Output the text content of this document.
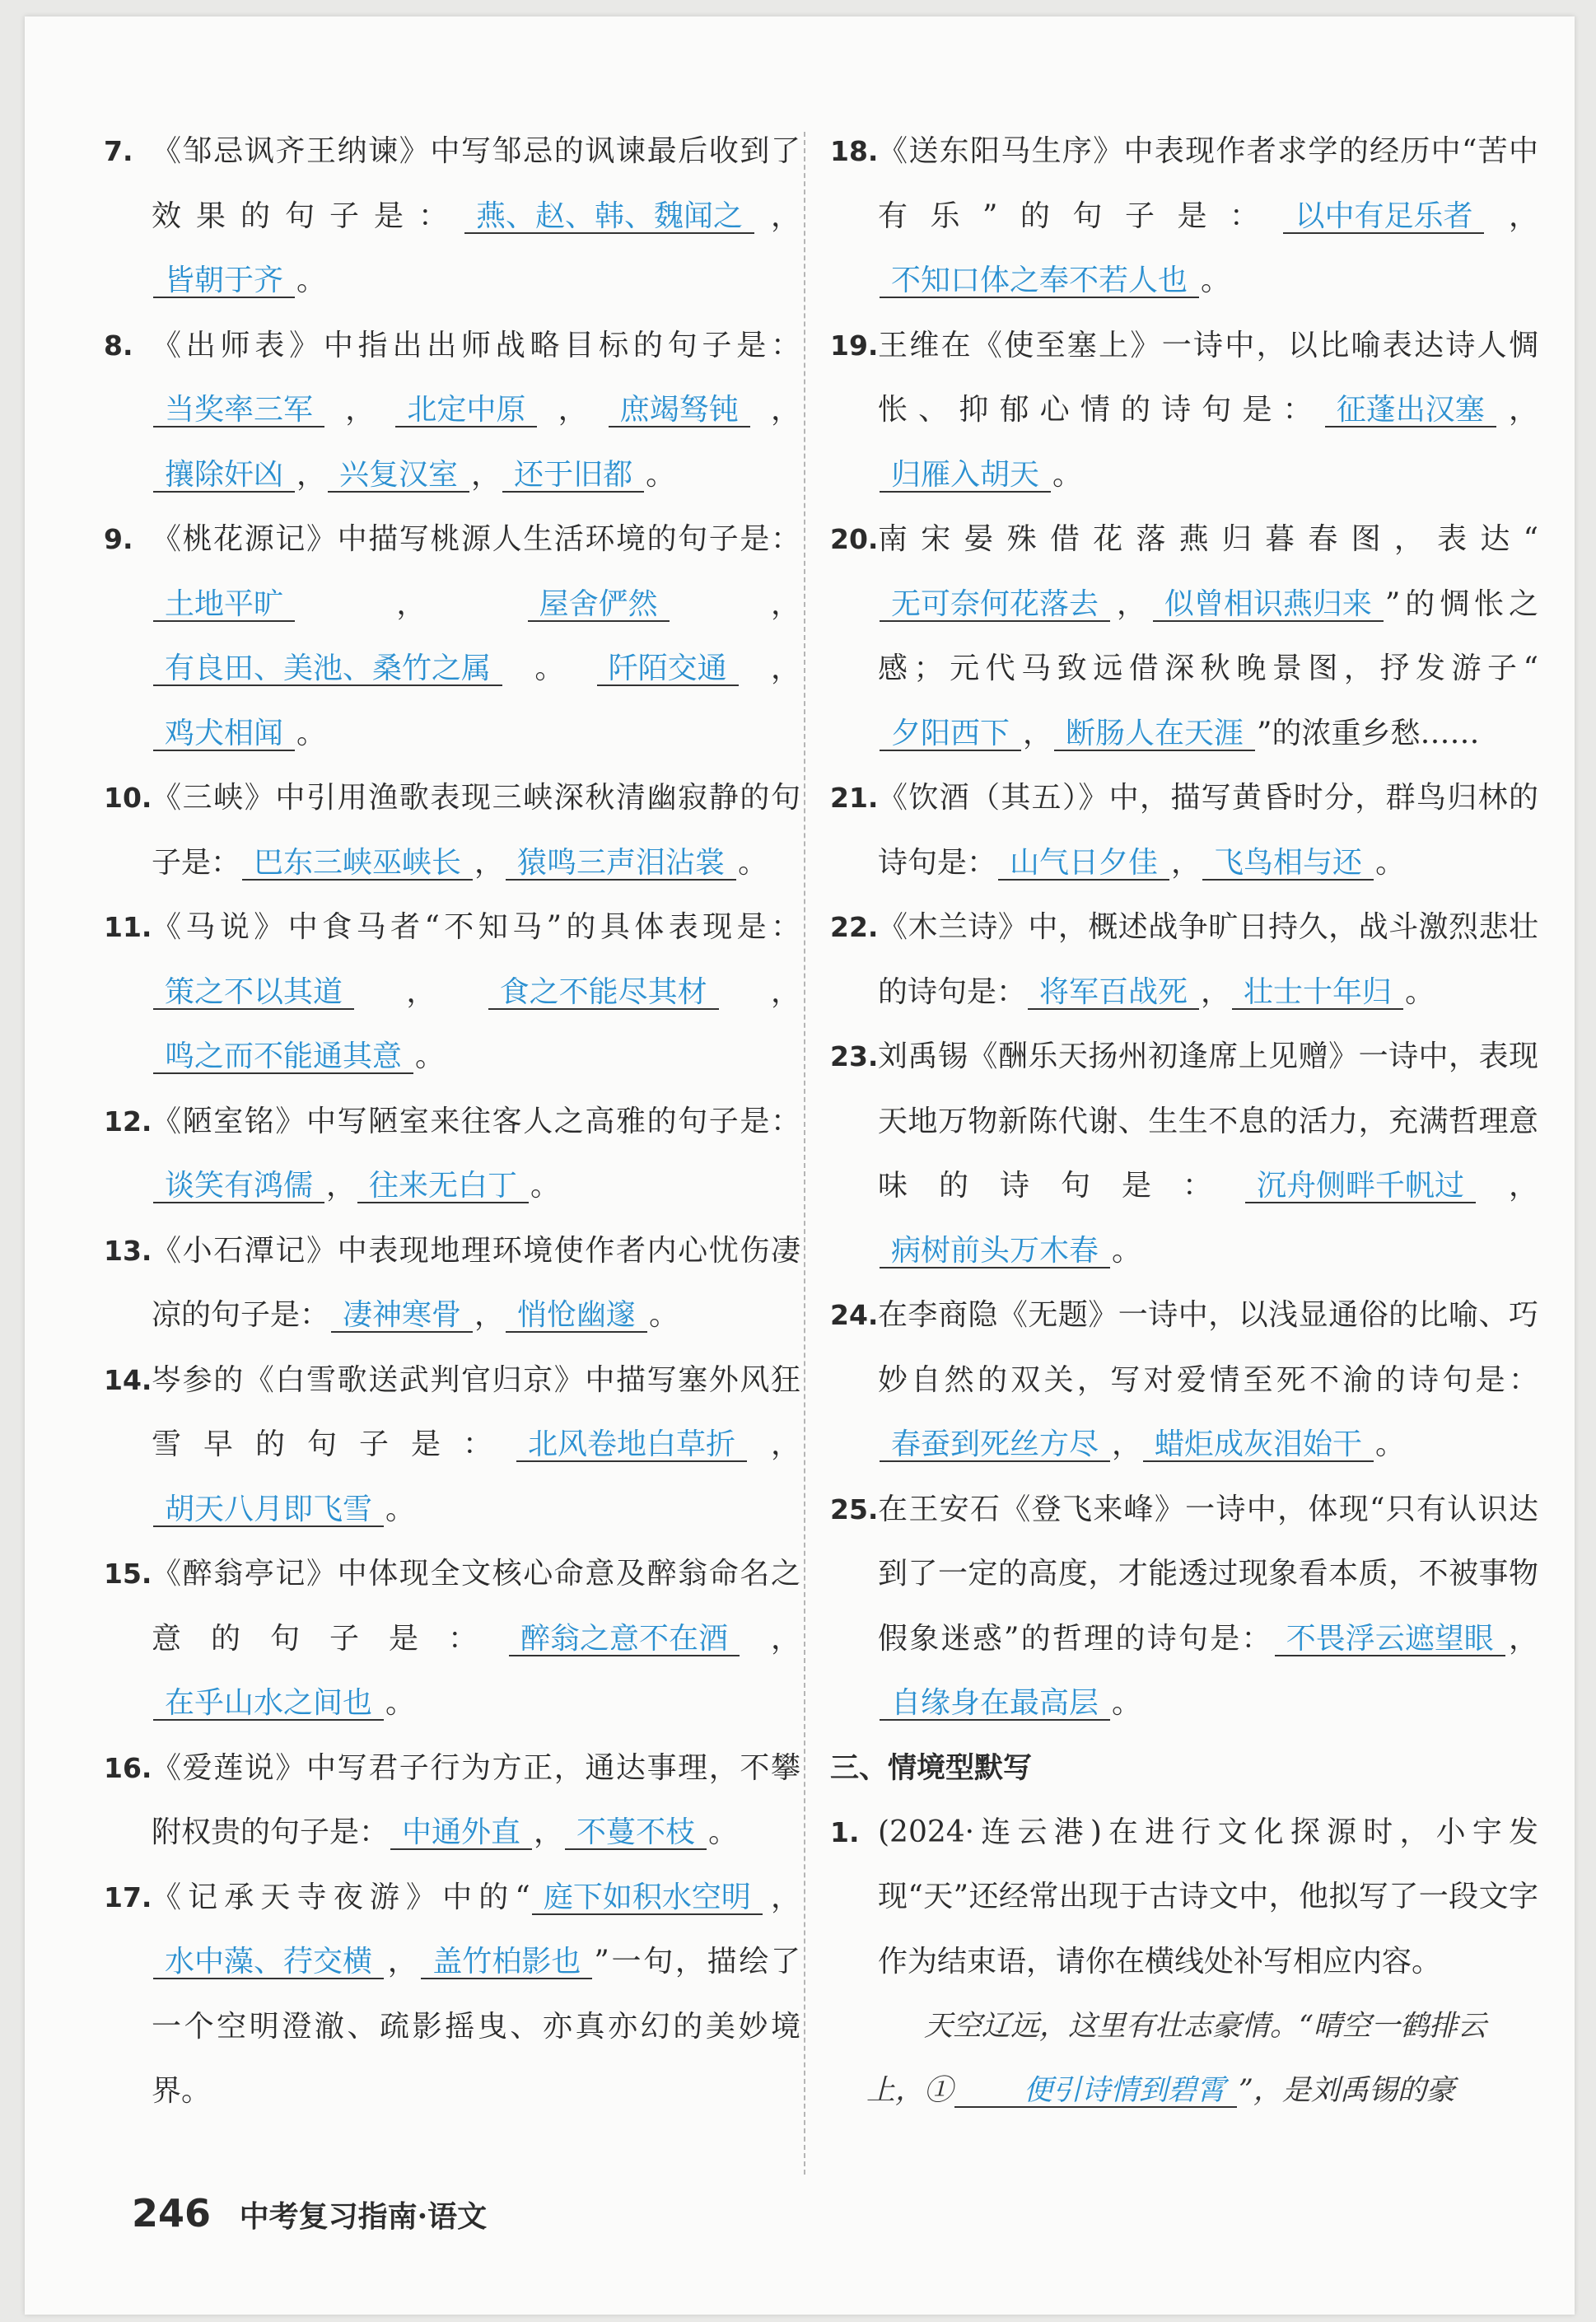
7. 《邹忌讽齐王纳谏》中写邹忌的讽谏最后收到了效果的句子是： 燕、赵、韩、魏闻之 ，皆朝于齐 。
8. 《出师表》中指出出师战略目标的句子是：当奖率三军 ， 北定中原 ， 庶竭驽钝 ，攘除奸凶 ， 兴复汉室 ， 还于旧都 。
9. 《桃花源记》中描写桃源人生活环境的句子是：土地平旷 ， 屋舍俨然 ，有良田、美池、桑竹之属 。 阡陌交通 ，鸡犬相闻 。
10. 《三峡》中引用渔歌表现三峡深秋清幽寂静的句子是： 巴东三峡巫峡长 ， 猿鸣三声泪沾裳 。
11. 《马说》中食马者“不知马”的具体表现是：策之不以其道 ， 食之不能尽其材 ，鸣之而不能通其意 。
12. 《陋室铭》中写陋室来往客人之高雅的句子是：谈笑有鸿儒 ， 往来无白丁 。
13. 《小石潭记》中表现地理环境使作者内心忧伤凄凉的句子是： 凄神寒骨 ， 悄怆幽邃 。
14. 岑参的《白雪歌送武判官归京》中描写塞外风狂雪早的句子是： 北风卷地白草折 ，胡天八月即飞雪 。
15. 《醉翁亭记》中体现全文核心命意及醉翁命名之意的句子是： 醉翁之意不在酒 ，在乎山水之间也 。
16. 《爱莲说》中写君子行为方正，通达事理，不攀附权贵的句子是： 中通外直 ， 不蔓不枝 。
17. 《记承天寺夜游》中的“ 庭下如积水空明 ，水中藻、荇交横 ， 盖竹柏影也 ”一句，描绘了一个空明澄澈、疏影摇曳、亦真亦幻的美妙境界。
18. 《送东阳马生序》中表现作者求学的经历中“苦中有乐”的句子是： 以中有足乐者 ，不知口体之奉不若人也 。
19. 王维在《使至塞上》一诗中，以比喻表达诗人惆怅、抑郁心情的诗句是： 征蓬出汉塞 ，归雁入胡天 。
20. 南宋晏殊借花落燕归暮春图，表达“无可奈何花落去 ， 似曾相识燕归来 ”的惆怅之感；元代马致远借深秋晚景图，抒发游子“夕阳西下 ， 断肠人在天涯 ”的浓重乡愁……
21. 《饮酒（其五）》中，描写黄昏时分，群鸟归林的诗句是： 山气日夕佳 ， 飞鸟相与还 。
22. 《木兰诗》中，概述战争旷日持久，战斗激烈悲壮的诗句是： 将军百战死 ， 壮士十年归 。
23. 刘禹锡《酬乐天扬州初逢席上见赠》一诗中，表现天地万物新陈代谢、生生不息的活力，充满哲理意味的诗句是： 沉舟侧畔千帆过 ，病树前头万木春 。
24. 在李商隐《无题》一诗中，以浅显通俗的比喻、巧妙自然的双关，写对爱情至死不渝的诗句是：春蚕到死丝方尽 ， 蜡炬成灰泪始干 。
25. 在王安石《登飞来峰》一诗中，体现“只有认识达到了一定的高度，才能透过现象看本质，不被事物假象迷惑”的哲理的诗句是： 不畏浮云遮望眼 ，自缘身在最高层 。
三、情境型默写
1. (2024·连云港)在进行文化探源时，小宇发现“天”还经常出现于古诗文中，他拟写了一段文字作为结束语，请你在横线处补写相应内容。
天空辽远，这里有壮志豪情。“晴空一鹤排云上，① 便引诗情到碧霄 ”，是刘禹锡的豪
246 中考复习指南·语文
